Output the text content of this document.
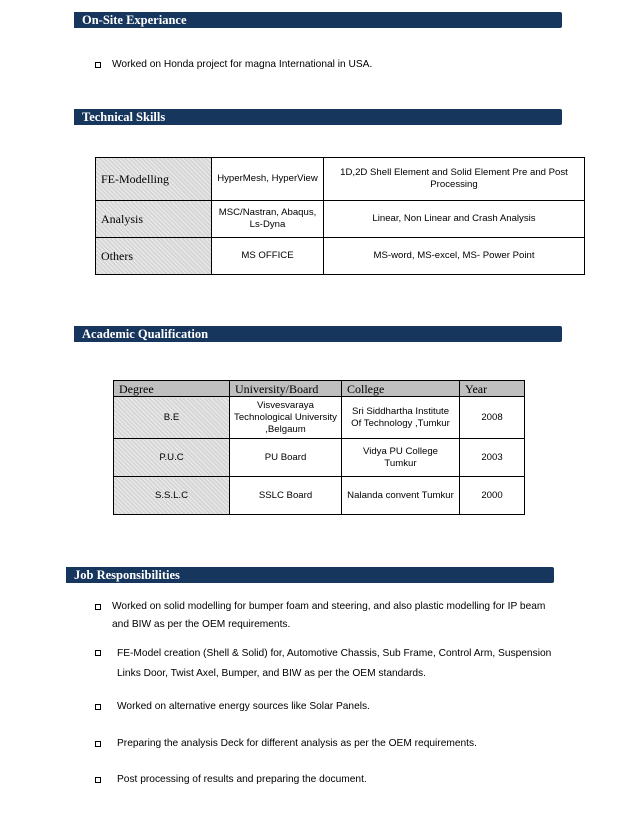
On-Site Experiance
Worked on Honda project for magna International in USA.
Technical Skills
FE-Modelling	HyperMesh, HyperView	1D,2D Shell Element and Solid Element Pre and Post Processing
Analysis	MSC/Nastran, Abaqus, Ls-Dyna	Linear, Non Linear and Crash Analysis
Others	MS OFFICE	MS-word, MS-excel, MS- Power Point
Academic Qualification
Degree	University/Board	College	Year
B.E	Visvesvaraya Technological University ,Belgaum	Sri Siddhartha Institute Of Technology ,Tumkur	2008
P.U.C	PU Board	Vidya PU College Tumkur	2003
S.S.L.C	SSLC Board	Nalanda convent Tumkur	2000
Job Responsibilities
Worked on solid modelling for bumper foam and steering, and also plastic modelling for IP beam and BIW as per the OEM requirements.
FE-Model creation (Shell & Solid) for, Automotive Chassis, Sub Frame, Control Arm, Suspension Links Door, Twist Axel, Bumper, and BIW as per the OEM standards.
Worked on alternative energy sources like Solar Panels.
Preparing the analysis Deck for different analysis as per the OEM requirements.
Post processing of results and preparing the document.
